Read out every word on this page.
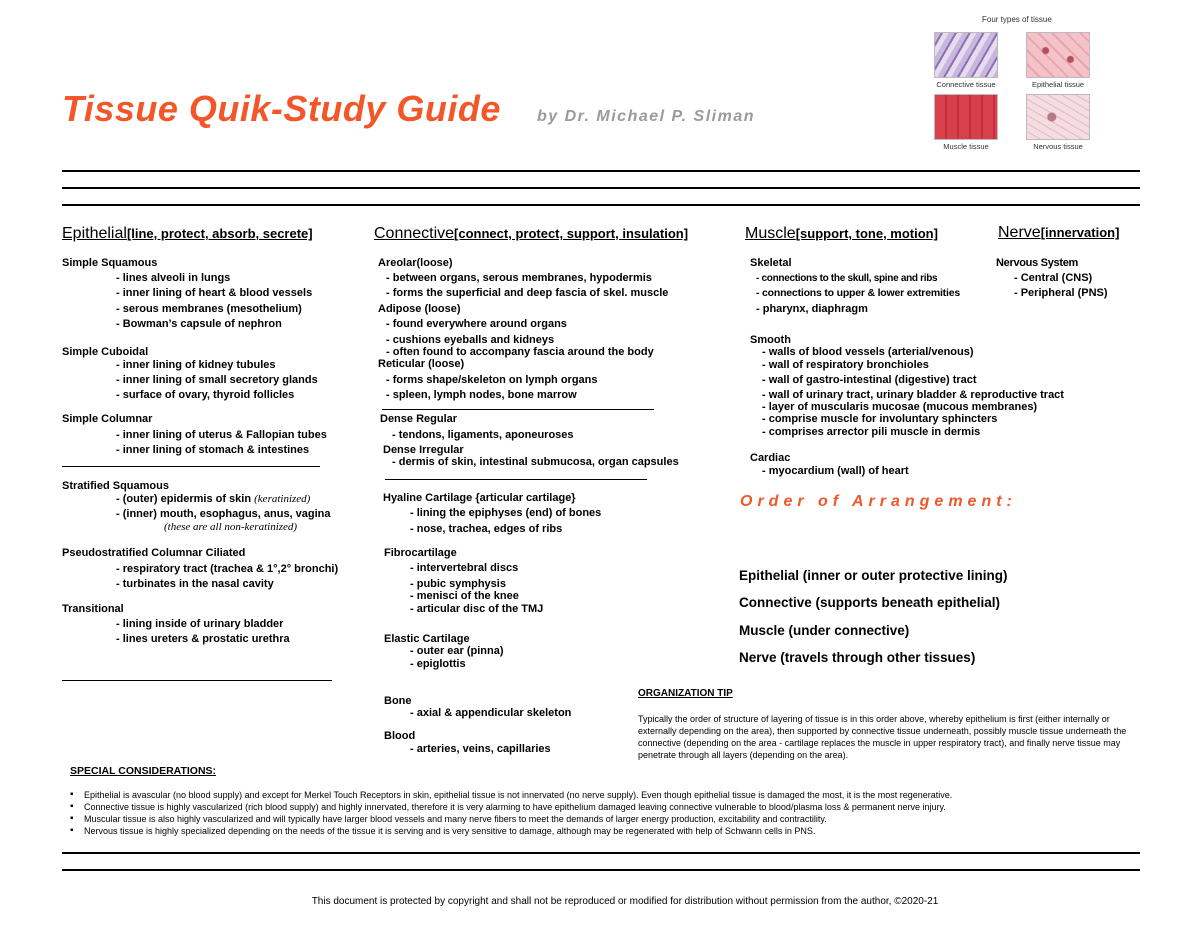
Tissue Quik-Study Guide by Dr. Michael P. Sliman
Four types of tissue
Connective tissue	Epithelial tissue
Muscle tissue	Nervous tissue
Epithelial[line, protect, absorb, secrete]	Connective[connect, protect, support, insulation]	Muscle[support, tone, motion]	Nerve[innervation]
Simple Squamous
- lines alveoli in lungs
- inner lining of heart & blood vessels
- serous membranes (mesothelium)
- Bowman’s capsule of nephron
Simple Cuboidal
- inner lining of kidney tubules
- inner lining of small secretory glands
- surface of ovary, thyroid follicles
Simple Columnar
- inner lining of uterus & Fallopian tubes
- inner lining of stomach & intestines
Stratified Squamous
- (outer) epidermis of skin (keratinized)
- (inner) mouth, esophagus, anus, vagina
(these are all non-keratinized)
Pseudostratified Columnar Ciliated
- respiratory tract (trachea & 1°,2° bronchi)
- turbinates in the nasal cavity
Transitional
- lining inside of urinary bladder
- lines ureters & prostatic urethra
Areolar(loose)
- between organs, serous membranes, hypodermis
- forms the superficial and deep fascia of skel. muscle
Adipose (loose)
- found everywhere around organs
- cushions eyeballs and kidneys
- often found to accompany fascia around the body
Reticular (loose)
- forms shape/skeleton on lymph organs
- spleen, lymph nodes, bone marrow
Dense Regular
- tendons, ligaments, aponeuroses
Dense Irregular
- dermis of skin, intestinal submucosa, organ capsules
Hyaline Cartilage {articular cartilage}
- lining the epiphyses (end) of bones
- nose, trachea, edges of ribs
Fibrocartilage
- intervertebral discs
- pubic symphysis
- menisci of the knee
- articular disc of the TMJ
Elastic Cartilage
- outer ear (pinna)
- epiglottis
Bone
- axial & appendicular skeleton
Blood
- arteries, veins, capillaries
Skeletal
- connections to the skull, spine and ribs
- connections to upper & lower extremities
- pharynx, diaphragm
Smooth
- walls of blood vessels (arterial/venous)
- wall of respiratory bronchioles
- wall of gastro-intestinal (digestive) tract
- wall of urinary tract, urinary bladder & reproductive tract
- layer of muscularis mucosae (mucous membranes)
- comprise muscle for involuntary sphincters
- comprises arrector pili muscle in dermis
Cardiac
- myocardium (wall) of heart
Nervous System
- Central (CNS)
- Peripheral (PNS)
Order of Arrangement:
Epithelial (inner or outer protective lining)
Connective (supports beneath epithelial)
Muscle (under connective)
Nerve (travels through other tissues)
ORGANIZATION TIP
Typically the order of structure of layering of tissue is in this order above, whereby epithelium is first (either internally or externally depending on the area), then supported by connective tissue underneath, possibly muscle tissue underneath the connective (depending on the area - cartilage replaces the muscle in upper respiratory tract), and finally nerve tissue may penetrate through all layers (depending on the area).
SPECIAL CONSIDERATIONS:
▪ Epithelial is avascular (no blood supply) and except for Merkel Touch Receptors in skin, epithelial tissue is not innervated (no nerve supply). Even though epithelial tissue is damaged the most, it is the most regenerative.
▪ Connective tissue is highly vascularized (rich blood supply) and highly innervated, therefore it is very alarming to have epithelium damaged leaving connective vulnerable to blood/plasma loss & permanent nerve injury.
▪ Muscular tissue is also highly vascularized and will typically have larger blood vessels and many nerve fibers to meet the demands of larger energy production, excitability and contractility.
▪ Nervous tissue is highly specialized depending on the needs of the tissue it is serving and is very sensitive to damage, although may be regenerated with help of Schwann cells in PNS.
This document is protected by copyright and shall not be reproduced or modified for distribution without permission from the author, ©2020-21
